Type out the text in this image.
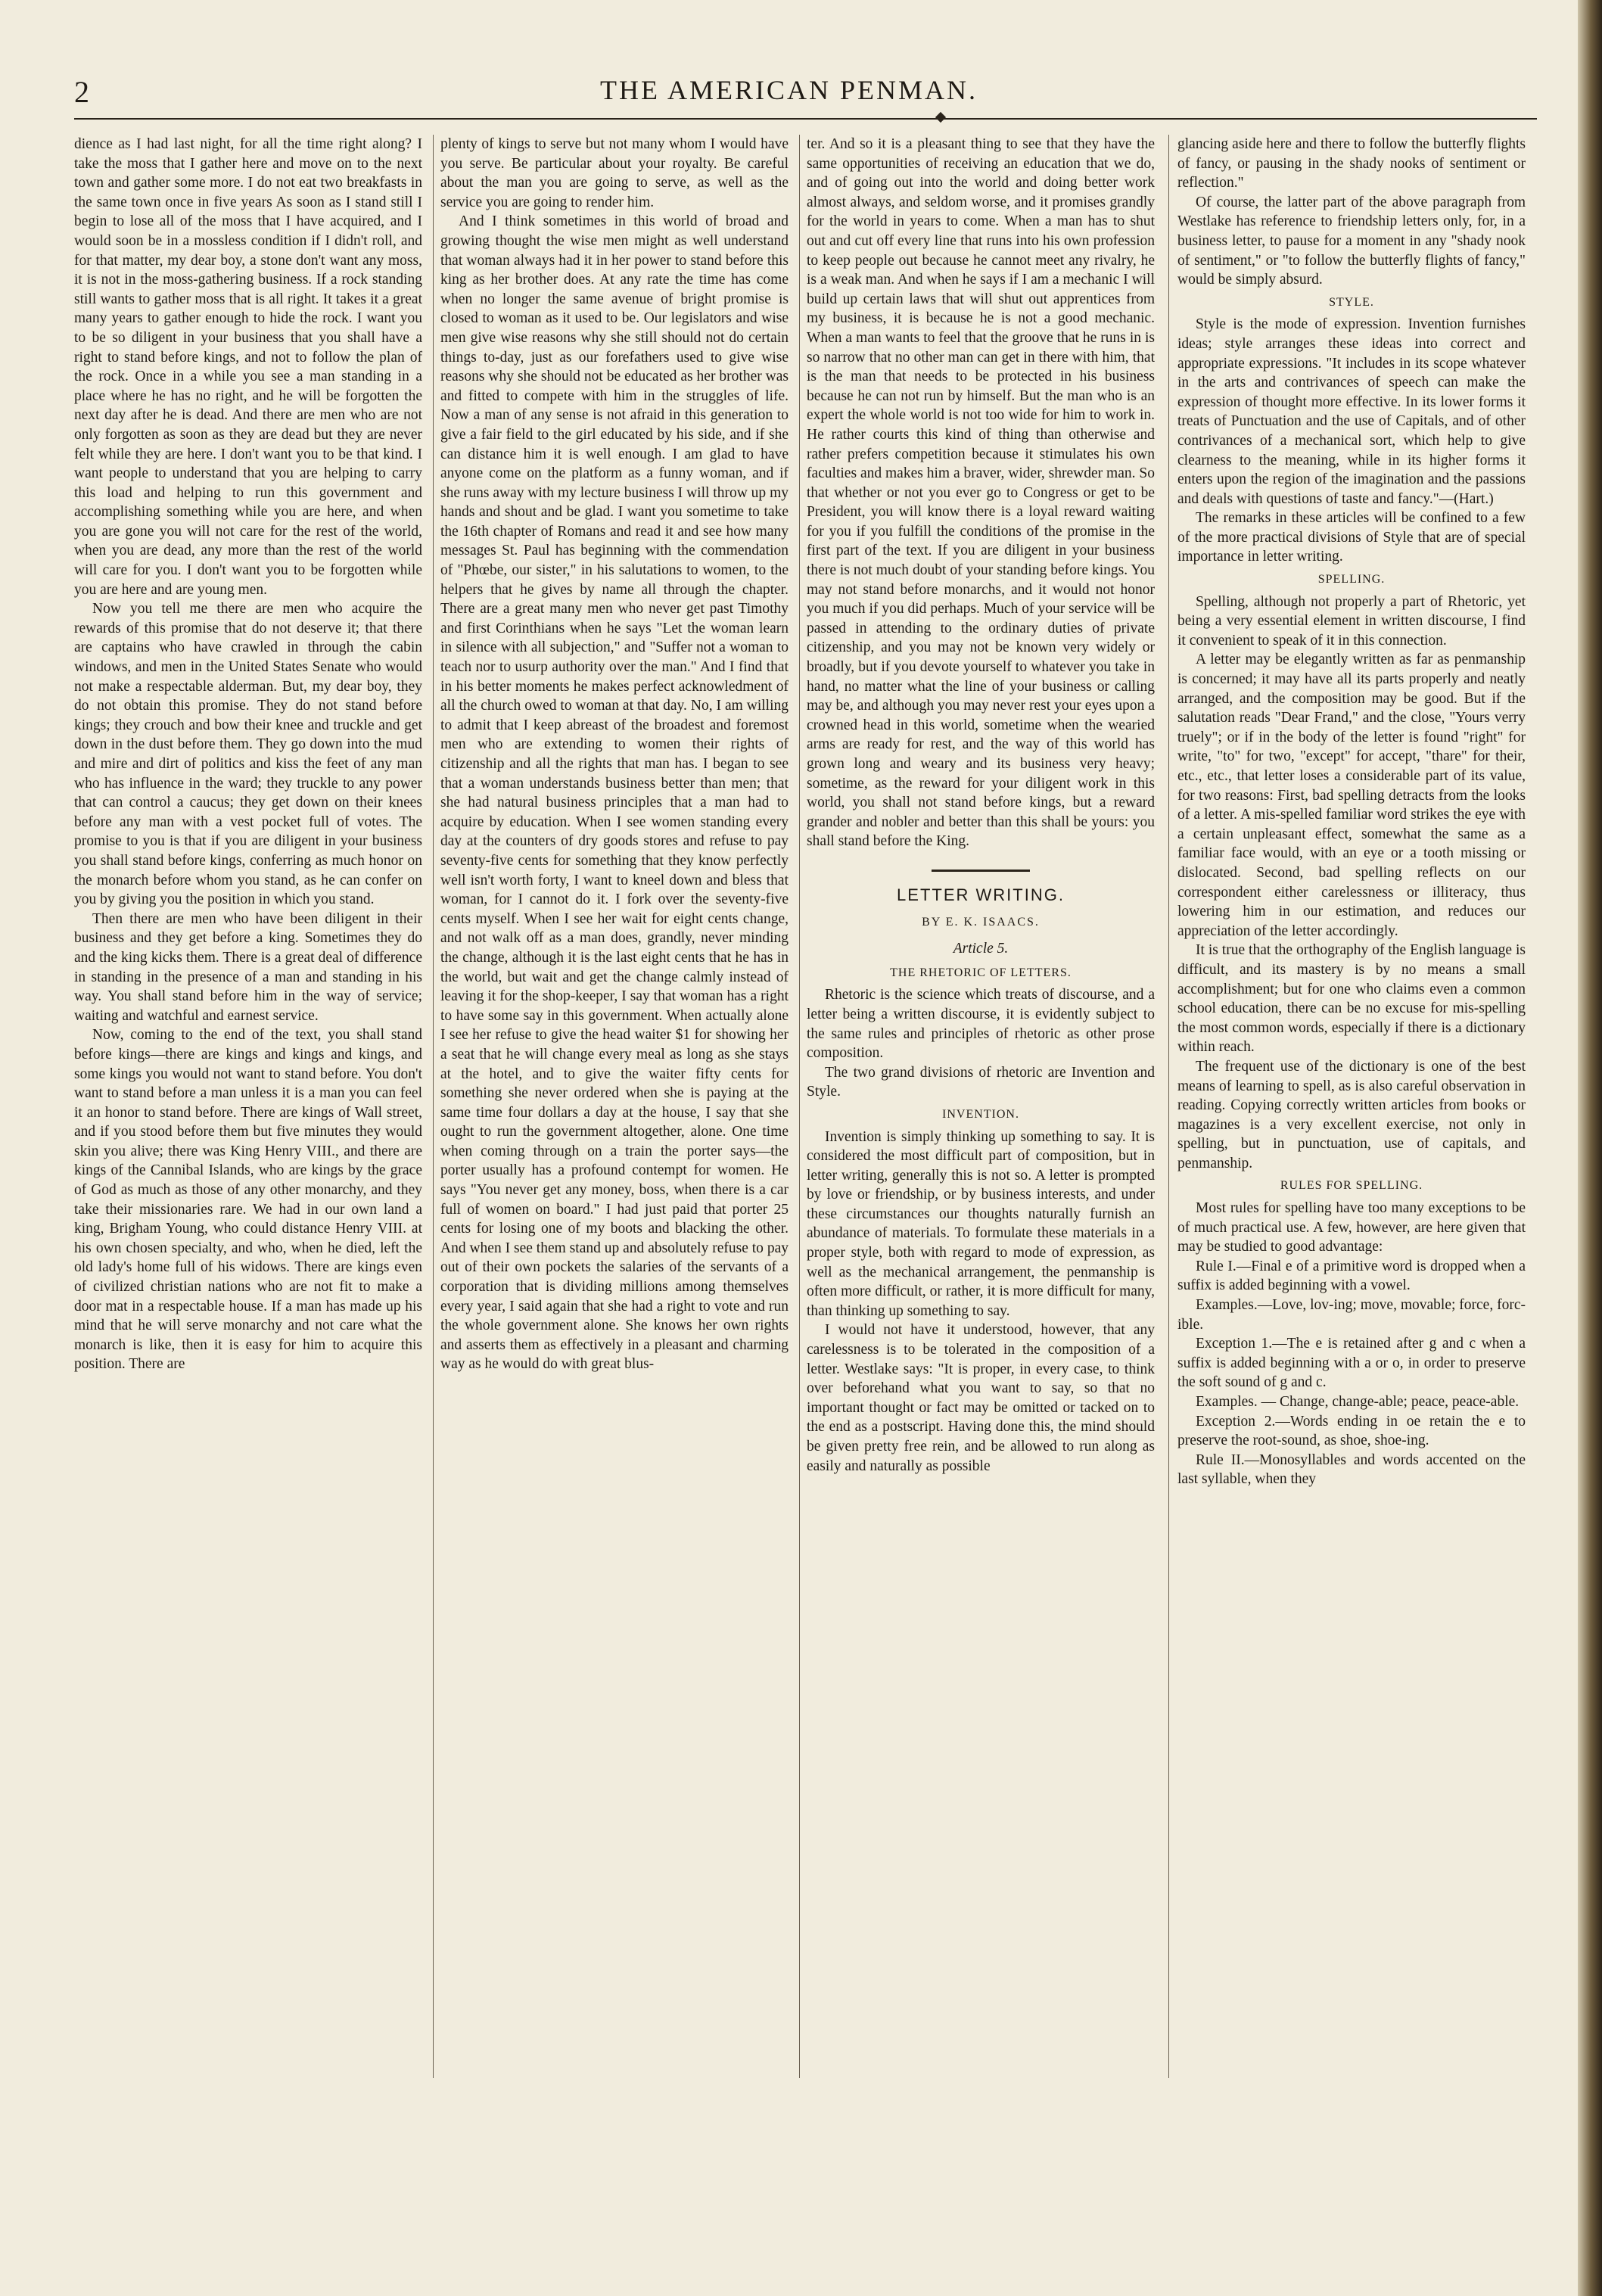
2	THE AMERICAN PENMAN.

dience as I had last night, for all the time right along? I take the moss that I gather here and move on to the next town and gather some more. I do not eat two breakfasts in the same town once in five years As soon as I stand still I begin to lose all of the moss that I have acquired, and I would soon be in a mossless condition if I didn't roll, and for that matter, my dear boy, a stone don't want any moss, it is not in the moss-gathering business. If a rock standing still wants to gather moss that is all right. It takes it a great many years to gather enough to hide the rock. I want you to be so diligent in your business that you shall have a right to stand before kings, and not to follow the plan of the rock. Once in a while you see a man standing in a place where he has no right, and he will be forgotten the next day after he is dead. And there are men who are not only forgotten as soon as they are dead but they are never felt while they are here. I don't want you to be that kind. I want people to understand that you are helping to carry this load and helping to run this government and accomplishing something while you are here, and when you are gone you will not care for the rest of the world, when you are dead, any more than the rest of the world will care for you. I don't want you to be forgotten while you are here and are young men.

Now you tell me there are men who acquire the rewards of this promise that do not deserve it; that there are captains who have crawled in through the cabin windows, and men in the United States Senate who would not make a respectable alderman. But, my dear boy, they do not obtain this promise. They do not stand before kings; they crouch and bow their knee and truckle and get down in the dust before them. They go down into the mud and mire and dirt of politics and kiss the feet of any man who has influence in the ward; they truckle to any power that can control a caucus; they get down on their knees before any man with a vest pocket full of votes. The promise to you is that if you are diligent in your business you shall stand before kings, conferring as much honor on the monarch before whom you stand, as he can confer on you by giving you the position in which you stand.

Then there are men who have been diligent in their business and they get before a king. Sometimes they do and the king kicks them. There is a great deal of difference in standing in the presence of a man and standing in his way. You shall stand before him in the way of service; waiting and watchful and earnest service.

Now, coming to the end of the text, you shall stand before kings—there are kings and kings and kings, and some kings you would not want to stand before. You don't want to stand before a man unless it is a man you can feel it an honor to stand before. There are kings of Wall street, and if you stood before them but five minutes they would skin you alive; there was King Henry VIII., and there are kings of the Cannibal Islands, who are kings by the grace of God as much as those of any other monarchy, and they take their missionaries rare. We had in our own land a king, Brigham Young, who could distance Henry VIII. at his own chosen specialty, and who, when he died, left the old lady's home full of his widows. There are kings even of civilized christian nations who are not fit to make a door mat in a respectable house. If a man has made up his mind that he will serve monarchy and not care what the monarch is like, then it is easy for him to acquire this position. There are

plenty of kings to serve but not many whom I would have you serve. Be particular about your royalty. Be careful about the man you are going to serve, as well as the service you are going to render him.

And I think sometimes in this world of broad and growing thought the wise men might as well understand that woman always had it in her power to stand before this king as her brother does. At any rate the time has come when no longer the same avenue of bright promise is closed to woman as it used to be. Our legislators and wise men give wise reasons why she still should not do certain things to-day, just as our forefathers used to give wise reasons why she should not be educated as her brother was and fitted to compete with him in the struggles of life. Now a man of any sense is not afraid in this generation to give a fair field to the girl educated by his side, and if she can distance him it is well enough. I am glad to have anyone come on the platform as a funny woman, and if she runs away with my lecture business I will throw up my hands and shout and be glad. I want you sometime to take the 16th chapter of Romans and read it and see how many messages St. Paul has beginning with the commendation of "Phœbe, our sister," in his salutations to women, to the helpers that he gives by name all through the chapter. There are a great many men who never get past Timothy and first Corinthians when he says "Let the woman learn in silence with all subjection," and "Suffer not a woman to teach nor to usurp authority over the man." And I find that in his better moments he makes perfect acknowledment of all the church owed to woman at that day. No, I am willing to admit that I keep abreast of the broadest and foremost men who are extending to women their rights of citizenship and all the rights that man has. I began to see that a woman understands business better than men; that she had natural business principles that a man had to acquire by education. When I see women standing every day at the counters of dry goods stores and refuse to pay seventy-five cents for something that they know perfectly well isn't worth forty, I want to kneel down and bless that woman, for I cannot do it. I fork over the seventy-five cents myself. When I see her wait for eight cents change, and not walk off as a man does, grandly, never minding the change, although it is the last eight cents that he has in the world, but wait and get the change calmly instead of leaving it for the shop-keeper, I say that woman has a right to have some say in this government. When actually alone I see her refuse to give the head waiter $1 for showing her a seat that he will change every meal as long as she stays at the hotel, and to give the waiter fifty cents for something she never ordered when she is paying at the same time four dollars a day at the house, I say that she ought to run the government altogether, alone. One time when coming through on a train the porter says—the porter usually has a profound contempt for women. He says "You never get any money, boss, when there is a car full of women on board." I had just paid that porter 25 cents for losing one of my boots and blacking the other. And when I see them stand up and absolutely refuse to pay out of their own pockets the salaries of the servants of a corporation that is dividing millions among themselves every year, I said again that she had a right to vote and run the whole government alone. She knows her own rights and asserts them as effectively in a pleasant and charming way as he would do with great blus-

ter. And so it is a pleasant thing to see that they have the same opportunities of receiving an education that we do, and of going out into the world and doing better work almost always, and seldom worse, and it promises grandly for the world in years to come. When a man has to shut out and cut off every line that runs into his own profession to keep people out because he cannot meet any rivalry, he is a weak man. And when he says if I am a mechanic I will build up certain laws that will shut out apprentices from my business, it is because he is not a good mechanic. When a man wants to feel that the groove that he runs in is so narrow that no other man can get in there with him, that is the man that needs to be protected in his business because he can not run by himself. But the man who is an expert the whole world is not too wide for him to work in. He rather courts this kind of thing than otherwise and rather prefers competition because it stimulates his own faculties and makes him a braver, wider, shrewder man. So that whether or not you ever go to Congress or get to be President, you will know there is a loyal reward waiting for you if you fulfill the conditions of the promise in the first part of the text. If you are diligent in your business there is not much doubt of your standing before kings. You may not stand before monarchs, and it would not honor you much if you did perhaps. Much of your service will be passed in attending to the ordinary duties of private citizenship, and you may not be known very widely or broadly, but if you devote yourself to whatever you take in hand, no matter what the line of your business or calling may be, and although you may never rest your eyes upon a crowned head in this world, sometime when the wearied arms are ready for rest, and the way of this world has grown long and weary and its business very heavy; sometime, as the reward for your diligent work in this world, you shall not stand before kings, but a reward grander and nobler and better than this shall be yours: you shall stand before the King.

LETTER WRITING.
BY E. K. ISAACS.
Article 5.
THE RHETORIC OF LETTERS.

Rhetoric is the science which treats of discourse, and a letter being a written discourse, it is evidently subject to the same rules and principles of rhetoric as other prose composition.

The two grand divisions of rhetoric are Invention and Style.

INVENTION.

Invention is simply thinking up something to say. It is considered the most difficult part of composition, but in letter writing, generally this is not so. A letter is prompted by love or friendship, or by business interests, and under these circumstances our thoughts naturally furnish an abundance of materials. To formulate these materials in a proper style, both with regard to mode of expression, as well as the mechanical arrangement, the penmanship is often more difficult, or rather, it is more difficult for many, than thinking up something to say.

I would not have it understood, however, that any carelessness is to be tolerated in the composition of a letter. Westlake says: "It is proper, in every case, to think over beforehand what you want to say, so that no important thought or fact may be omitted or tacked on to the end as a postscript. Having done this, the mind should be given pretty free rein, and be allowed to run along as easily and naturally as possible

glancing aside here and there to follow the butterfly flights of fancy, or pausing in the shady nooks of sentiment or reflection."

Of course, the latter part of the above paragraph from Westlake has reference to friendship letters only, for, in a business letter, to pause for a moment in any "shady nook of sentiment," or "to follow the butterfly flights of fancy," would be simply absurd.

STYLE.

Style is the mode of expression. Invention furnishes ideas; style arranges these ideas into correct and appropriate expressions. "It includes in its scope whatever in the arts and contrivances of speech can make the expression of thought more effective. In its lower forms it treats of Punctuation and the use of Capitals, and of other contrivances of a mechanical sort, which help to give clearness to the meaning, while in its higher forms it enters upon the region of the imagination and the passions and deals with questions of taste and fancy."—(Hart.)

The remarks in these articles will be confined to a few of the more practical divisions of Style that are of special importance in letter writing.

SPELLING.

Spelling, although not properly a part of Rhetoric, yet being a very essential element in written discourse, I find it convenient to speak of it in this connection.

A letter may be elegantly written as far as penmanship is concerned; it may have all its parts properly and neatly arranged, and the composition may be good. But if the salutation reads "Dear Frand," and the close, "Yours verry truely"; or if in the body of the letter is found "right" for write, "to" for two, "except" for accept, "thare" for their, etc., etc., that letter loses a considerable part of its value, for two reasons: First, bad spelling detracts from the looks of a letter. A mis-spelled familiar word strikes the eye with a certain unpleasant effect, somewhat the same as a familiar face would, with an eye or a tooth missing or dislocated. Second, bad spelling reflects on our correspondent either carelessness or illiteracy, thus lowering him in our estimation, and reduces our appreciation of the letter accordingly.

It is true that the orthography of the English language is difficult, and its mastery is by no means a small accomplishment; but for one who claims even a common school education, there can be no excuse for mis-spelling the most common words, especially if there is a dictionary within reach.

The frequent use of the dictionary is one of the best means of learning to spell, as is also careful observation in reading. Copying correctly written articles from books or magazines is a very excellent exercise, not only in spelling, but in punctuation, use of capitals, and penmanship.

RULES FOR SPELLING.

Most rules for spelling have too many exceptions to be of much practical use. A few, however, are here given that may be studied to good advantage:

Rule I.—Final e of a primitive word is dropped when a suffix is added beginning with a vowel.

Examples.—Love, lov-ing; move, movable; force, forc-ible.

Exception 1.—The e is retained after g and c when a suffix is added beginning with a or o, in order to preserve the soft sound of g and c.

Examples. — Change, change-able; peace, peace-able.

Exception 2.—Words ending in oe retain the e to preserve the root-sound, as shoe, shoe-ing.

Rule II.—Monosyllables and words accented on the last syllable, when they
